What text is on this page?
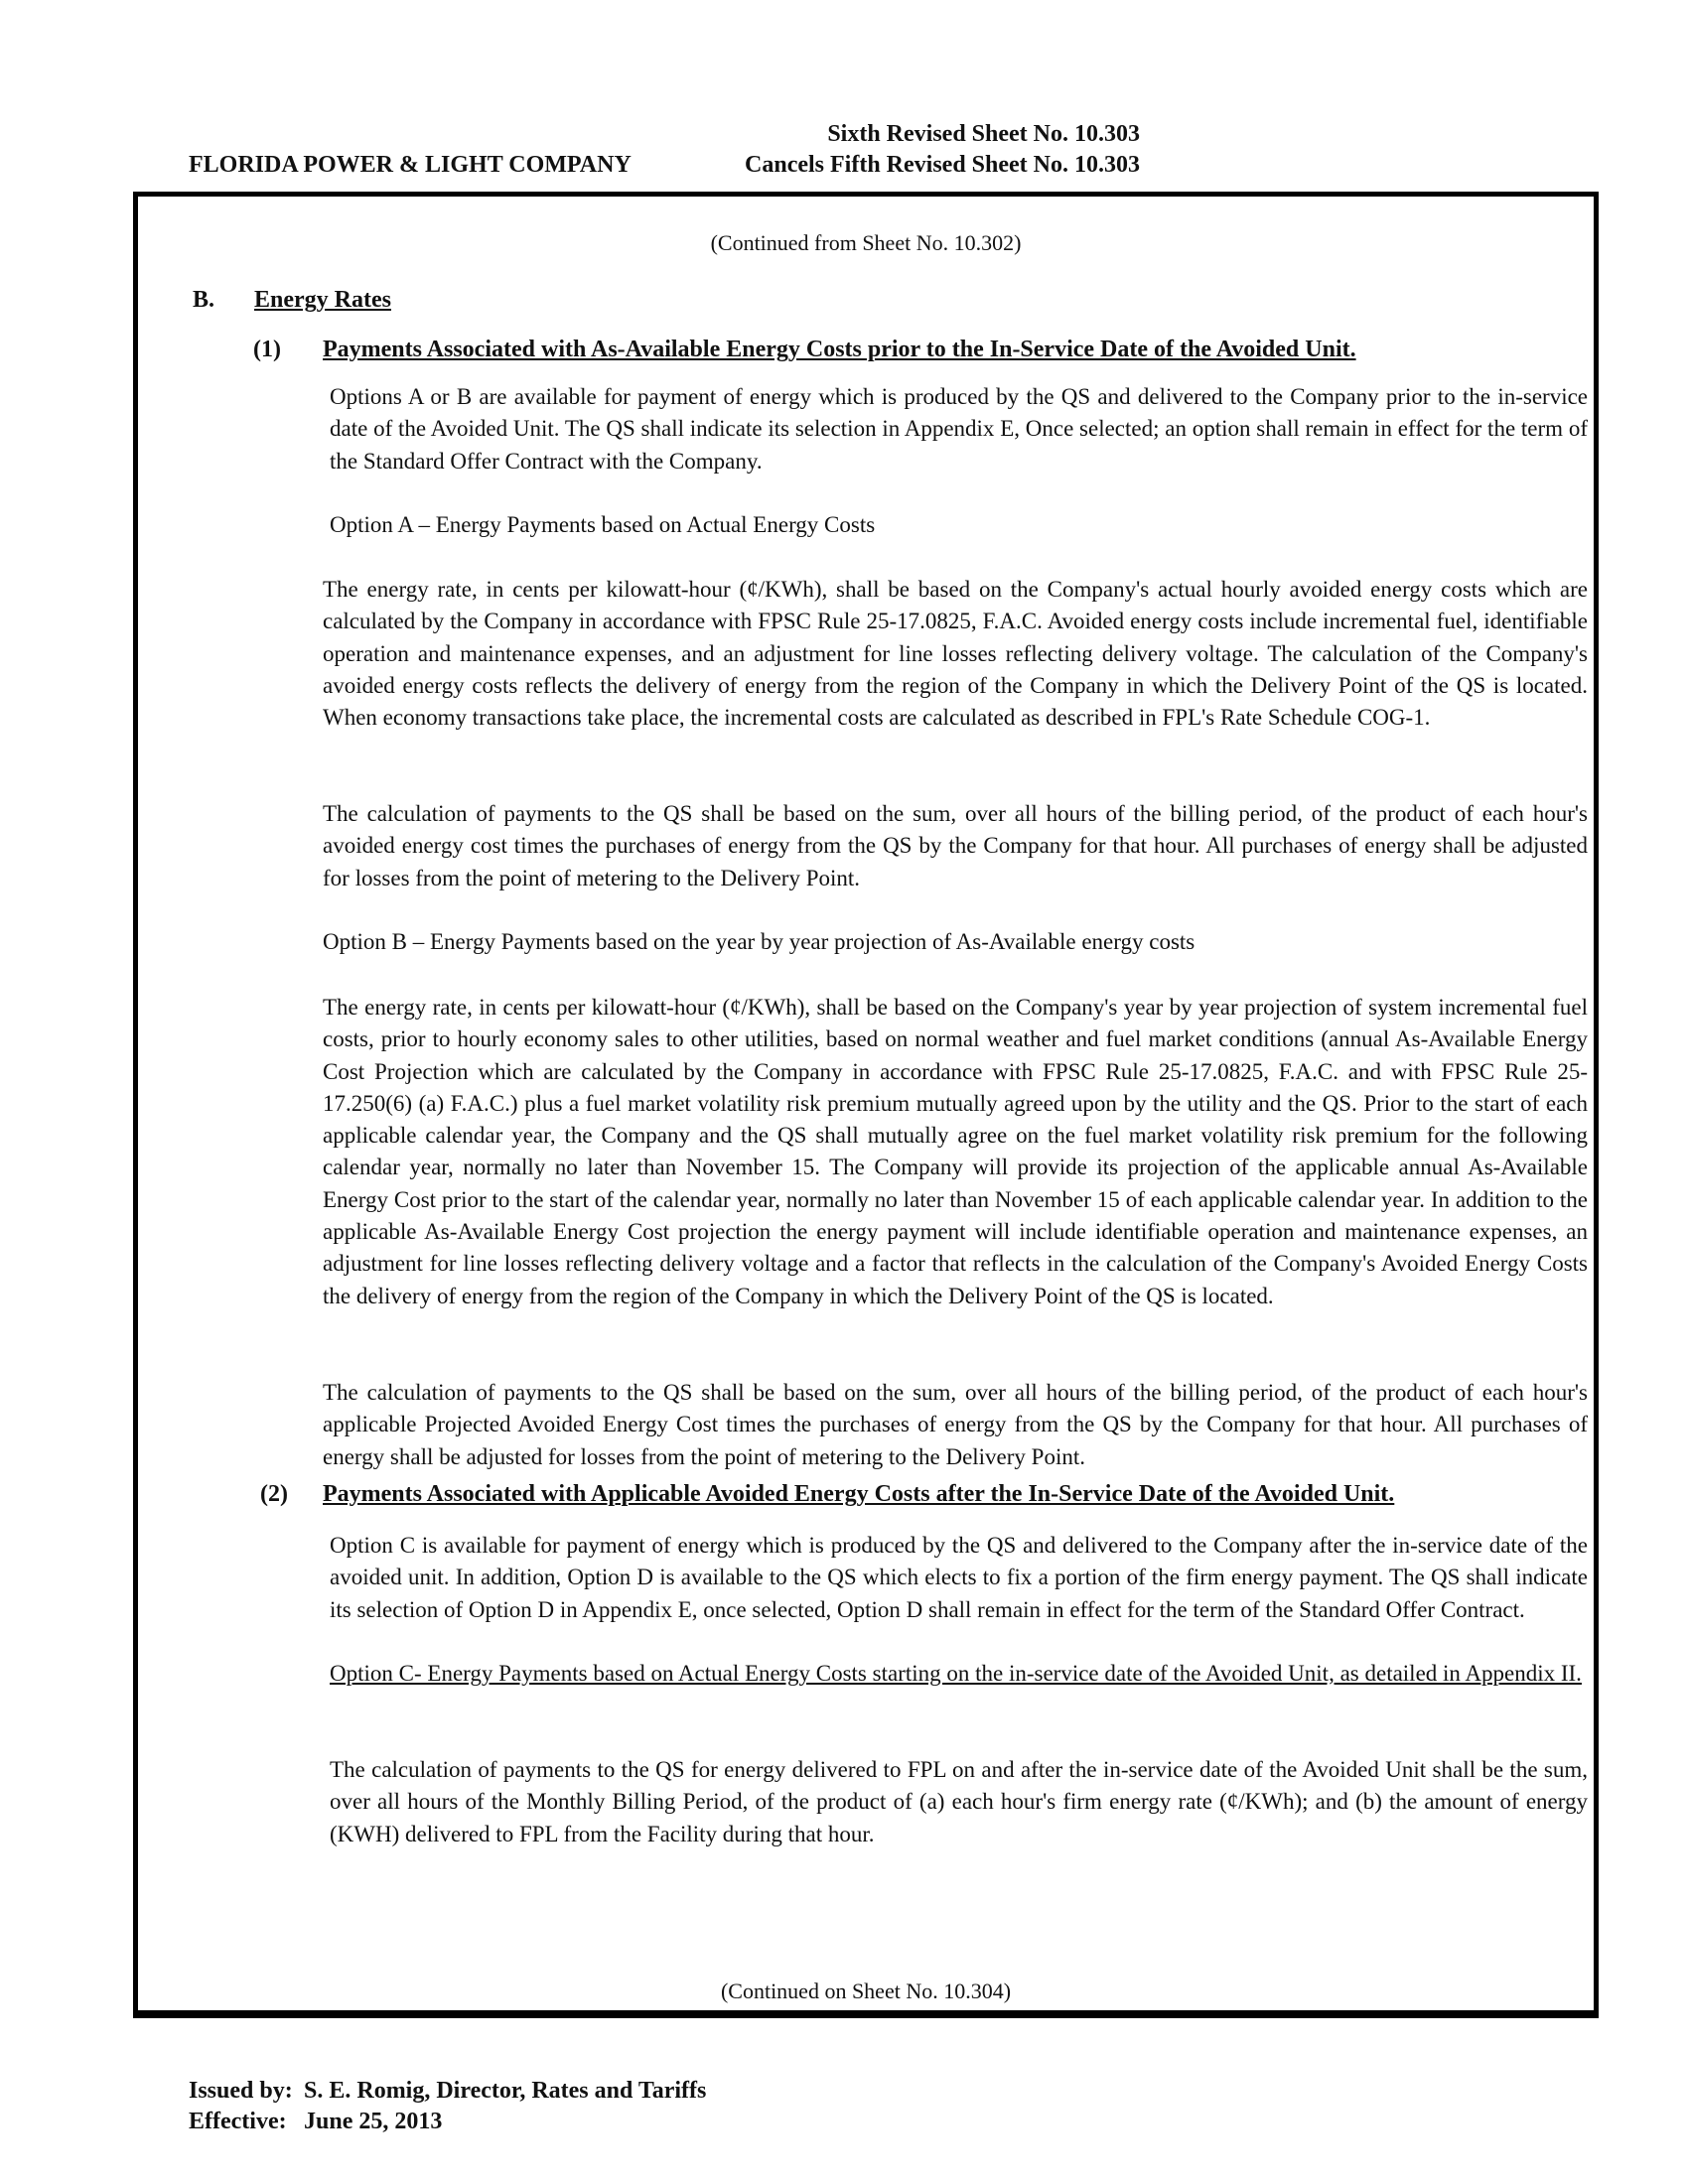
Sixth Revised Sheet No. 10.303
Cancels Fifth Revised Sheet No. 10.303
FLORIDA POWER & LIGHT COMPANY
(Continued from Sheet No. 10.302)
B. Energy Rates
(1) Payments Associated with As-Available Energy Costs prior to the In-Service Date of the Avoided Unit.

Options A or B are available for payment of energy which is produced by the QS and delivered to the Company prior to the in-service date of the Avoided Unit. The QS shall indicate its selection in Appendix E, Once selected; an option shall remain in effect for the term of the Standard Offer Contract with the Company.

Option A – Energy Payments based on Actual Energy Costs

The energy rate, in cents per kilowatt-hour (¢/KWh), shall be based on the Company's actual hourly avoided energy costs which are calculated by the Company in accordance with FPSC Rule 25-17.0825, F.A.C. Avoided energy costs include incremental fuel, identifiable operation and maintenance expenses, and an adjustment for line losses reflecting delivery voltage. The calculation of the Company's avoided energy costs reflects the delivery of energy from the region of the Company in which the Delivery Point of the QS is located. When economy transactions take place, the incremental costs are calculated as described in FPL's Rate Schedule COG-1.

The calculation of payments to the QS shall be based on the sum, over all hours of the billing period, of the product of each hour's avoided energy cost times the purchases of energy from the QS by the Company for that hour. All purchases of energy shall be adjusted for losses from the point of metering to the Delivery Point.

Option B – Energy Payments based on the year by year projection of As-Available energy costs

The energy rate, in cents per kilowatt-hour (¢/KWh), shall be based on the Company's year by year projection of system incremental fuel costs, prior to hourly economy sales to other utilities, based on normal weather and fuel market conditions (annual As-Available Energy Cost Projection which are calculated by the Company in accordance with FPSC Rule 25-17.0825, F.A.C. and with FPSC Rule 25-17.250(6) (a) F.A.C.) plus a fuel market volatility risk premium mutually agreed upon by the utility and the QS. Prior to the start of each applicable calendar year, the Company and the QS shall mutually agree on the fuel market volatility risk premium for the following calendar year, normally no later than November 15. The Company will provide its projection of the applicable annual As-Available Energy Cost prior to the start of the calendar year, normally no later than November 15 of each applicable calendar year. In addition to the applicable As-Available Energy Cost projection the energy payment will include identifiable operation and maintenance expenses, an adjustment for line losses reflecting delivery voltage and a factor that reflects in the calculation of the Company's Avoided Energy Costs the delivery of energy from the region of the Company in which the Delivery Point of the QS is located.

The calculation of payments to the QS shall be based on the sum, over all hours of the billing period, of the product of each hour's applicable Projected Avoided Energy Cost times the purchases of energy from the QS by the Company for that hour. All purchases of energy shall be adjusted for losses from the point of metering to the Delivery Point.

(2) Payments Associated with Applicable Avoided Energy Costs after the In-Service Date of the Avoided Unit.

Option C is available for payment of energy which is produced by the QS and delivered to the Company after the in-service date of the avoided unit. In addition, Option D is available to the QS which elects to fix a portion of the firm energy payment. The QS shall indicate its selection of Option D in Appendix E, once selected, Option D shall remain in effect for the term of the Standard Offer Contract.

Option C- Energy Payments based on Actual Energy Costs starting on the in-service date of the Avoided Unit, as detailed in Appendix II.

The calculation of payments to the QS for energy delivered to FPL on and after the in-service date of the Avoided Unit shall be the sum, over all hours of the Monthly Billing Period, of the product of (a) each hour's firm energy rate (¢/KWh); and (b) the amount of energy (KWH) delivered to FPL from the Facility during that hour.

(Continued on Sheet No. 10.304)
Issued by: S. E. Romig, Director, Rates and Tariffs
Effective: June 25, 2013
